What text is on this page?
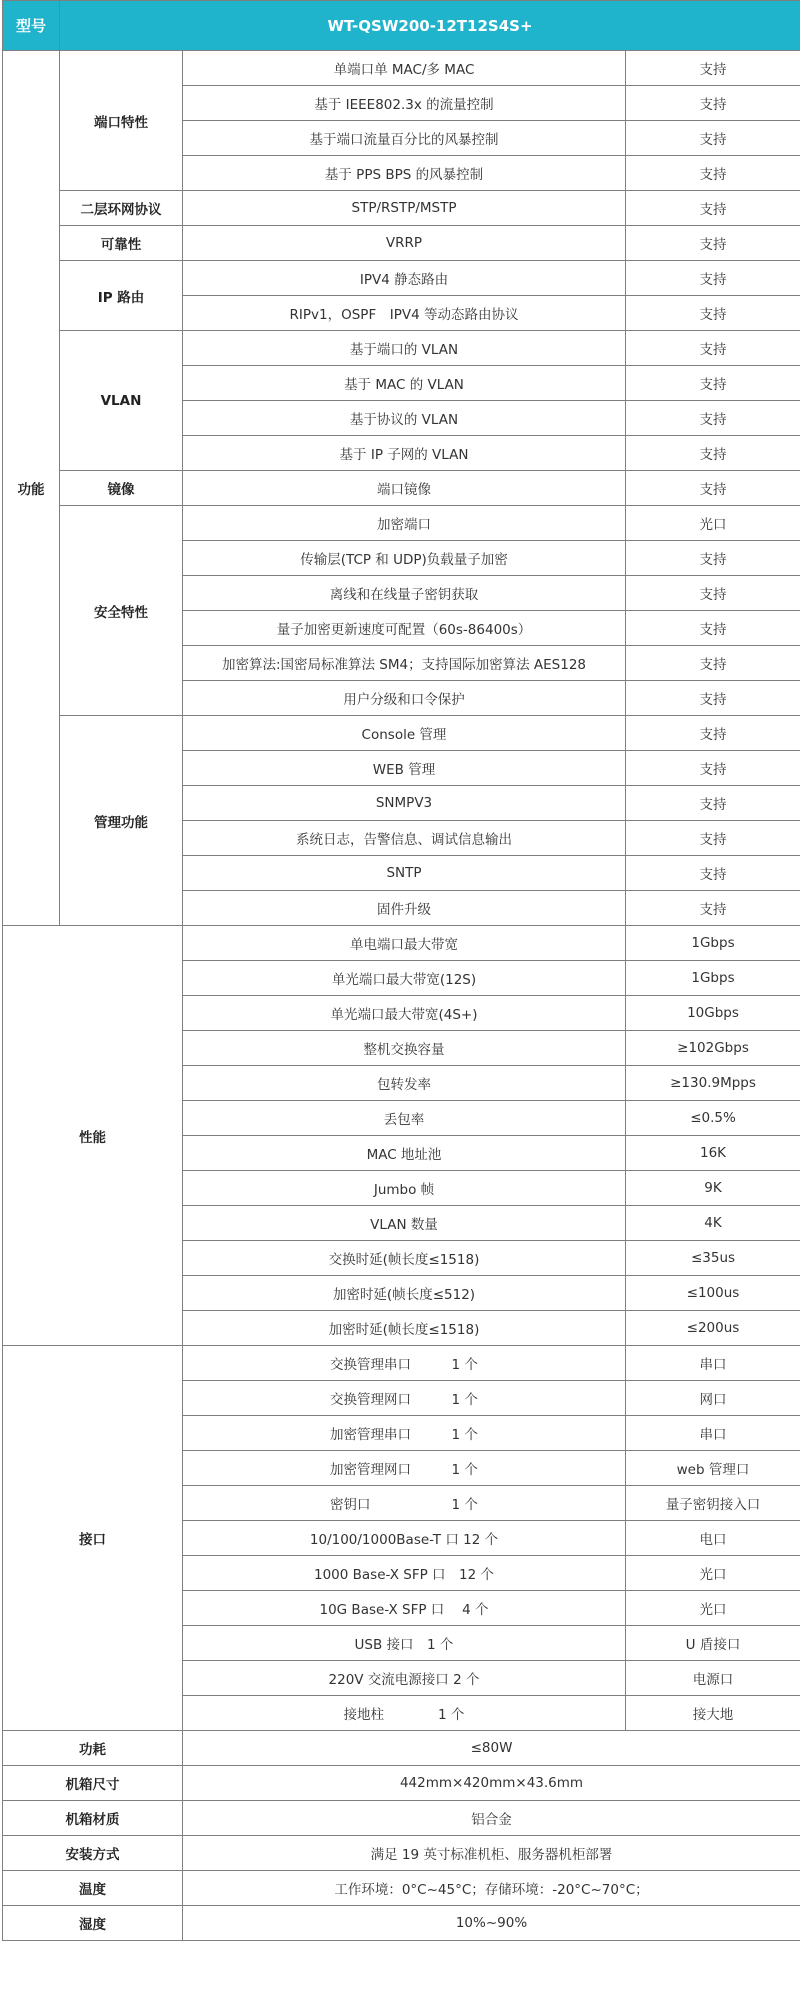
型号	WT-QSW200-12T12S4S+		
功能	端口特性	单端口单 MAC/多 MAC	支持
		基于 IEEE802.3x 的流量控制	支持
		基于端口流量百分比的风暴控制	支持
		基于 PPS BPS 的风暴控制	支持
	二层环网协议	STP/RSTP/MSTP	支持
	可靠性	VRRP	支持
	IP 路由	IPV4 静态路由	支持
		RIPv1，OSPF　IPV4 等动态路由协议	支持
	VLAN	基于端口的 VLAN	支持
		基于 MAC 的 VLAN	支持
		基于协议的 VLAN	支持
		基于 IP 子网的 VLAN	支持
	镜像	端口镜像	支持
	安全特性	加密端口	光口
		传输层(TCP 和 UDP)负载量子加密	支持
		离线和在线量子密钥获取	支持
		量子加密更新速度可配置（60s-86400s）	支持
		加密算法:国密局标准算法 SM4；支持国际加密算法 AES128	支持
		用户分级和口令保护	支持
	管理功能	Console 管理	支持
		WEB 管理	支持
		SNMPV3	支持
		系统日志，告警信息、调试信息输出	支持
		SNTP	支持
		固件升级	支持
性能		单电端口最大带宽	1Gbps
		单光端口最大带宽(12S)	1Gbps
		单光端口最大带宽(4S+)	10Gbps
		整机交换容量	≥102Gbps
		包转发率	≥130.9Mpps
		丢包率	≤0.5%
		MAC 地址池	16K
		Jumbo 帧	9K
		VLAN 数量	4K
		交换时延(帧长度≤1518)	≤35us
		加密时延(帧长度≤512)	≤100us
		加密时延(帧长度≤1518)	≤200us
接口		交换管理串口　　　1 个	串口
		交换管理网口　　　1 个	网口
		加密管理串口　　　1 个	串口
		加密管理网口　　　1 个	web 管理口
		密钥口　　　　　　1 个	量子密钥接入口
		10/100/1000Base-T 口 12 个	电口
		1000 Base-X SFP 口　12 个	光口
		10G Base-X SFP 口　 4 个	光口
		USB 接口　1 个	U 盾接口
		220V 交流电源接口 2 个	电源口
		接地柱　　　　1 个	接大地
功耗		≤80W	
机箱尺寸		442mm×420mm×43.6mm	
机箱材质		铝合金	
安装方式		满足 19 英寸标准机柜、服务器机柜部署	
温度		工作环境：0°C~45°C；存储环境：-20°C~70°C；	
湿度		10%~90%	
